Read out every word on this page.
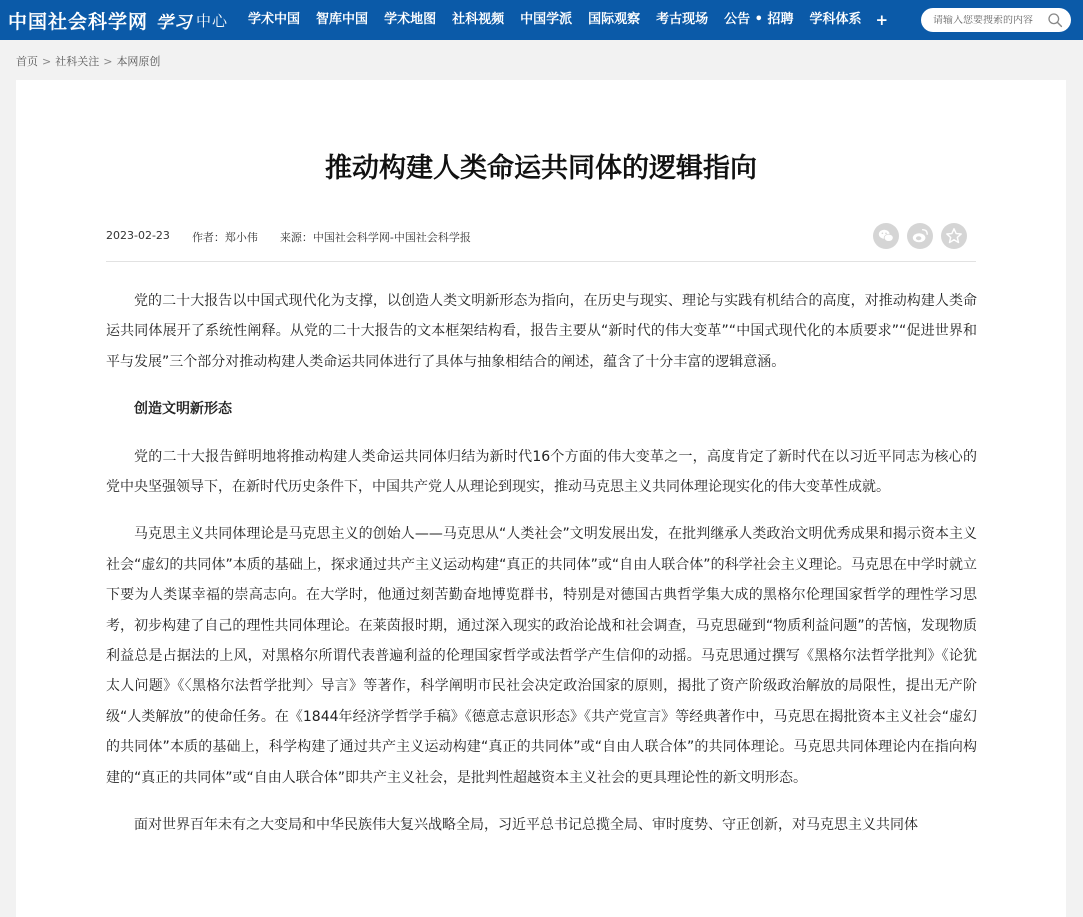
中国社会科学网 学习 中心	学术中国	智库中国	学术地图	社科视频	中国学派	国际观察	考古现场	公告 • 招聘	学科体系 +
请输入您要搜索的内容
首页 > 社科关注 > 本网原创
推动构建人类命运共同体的逻辑指向
2023-02-23 作者：郑小伟 来源：中国社会科学网-中国社会科学报

党的二十大报告以中国式现代化为支撑，以创造人类文明新形态为指向，在历史与现实、理论与实践有机结合的高度，对推动构建人类命运共同体展开了系统性阐释。从党的二十大报告的文本框架结构看，报告主要从“新时代的伟大变革”“中国式现代化的本质要求”“促进世界和平与发展”三个部分对推动构建人类命运共同体进行了具体与抽象相结合的阐述，蕴含了十分丰富的逻辑意涵。

创造文明新形态

党的二十大报告鲜明地将推动构建人类命运共同体归结为新时代16个方面的伟大变革之一，高度肯定了新时代在以习近平同志为核心的党中央坚强领导下，在新时代历史条件下，中国共产党人从理论到现实，推动马克思主义共同体理论现实化的伟大变革性成就。

马克思主义共同体理论是马克思主义的创始人——马克思从“人类社会”文明发展出发，在批判继承人类政治文明优秀成果和揭示资本主义社会“虚幻的共同体”本质的基础上，探求通过共产主义运动构建“真正的共同体”或“自由人联合体”的科学社会主义理论。马克思在中学时就立下要为人类谋幸福的崇高志向。在大学时，他通过刻苦勤奋地博览群书，特别是对德国古典哲学集大成的黑格尔伦理国家哲学的理性学习思考，初步构建了自己的理性共同体理论。在莱茵报时期，通过深入现实的政治论战和社会调查，马克思碰到“物质利益问题”的苦恼，发现物质利益总是占据法的上风，对黑格尔所谓代表普遍利益的伦理国家哲学或法哲学产生信仰的动摇。马克思通过撰写《黑格尔法哲学批判》《论犹太人问题》《〈黑格尔法哲学批判〉导言》等著作，科学阐明市民社会决定政治国家的原则，揭批了资产阶级政治解放的局限性，提出无产阶级“人类解放”的使命任务。在《1844年经济学哲学手稿》《德意志意识形态》《共产党宣言》等经典著作中，马克思在揭批资本主义社会“虚幻的共同体”本质的基础上，科学构建了通过共产主义运动构建“真正的共同体”或“自由人联合体”的共同体理论。马克思共同体理论内在指向构建的“真正的共同体”或“自由人联合体”即共产主义社会，是批判性超越资本主义社会的更具理论性的新文明形态。

面对世界百年未有之大变局和中华民族伟大复兴战略全局，习近平总书记总揽全局、审时度势、守正创新，对马克思主义共同体
